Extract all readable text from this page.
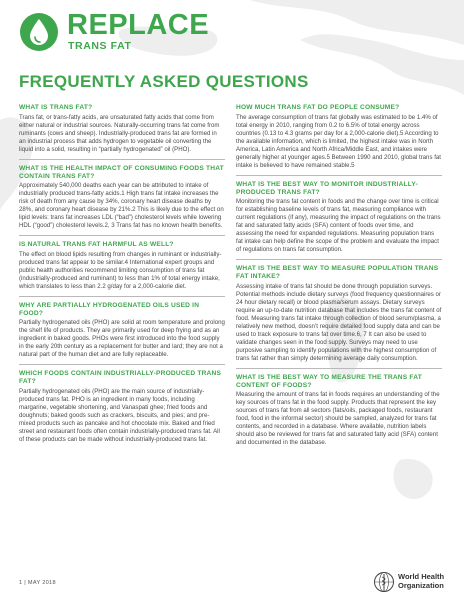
REPLACE
TRANS FAT
FREQUENTLY ASKED QUESTIONS

WHAT IS TRANS FAT?

Trans fat, or trans-fatty acids, are unsaturated fatty acids that come from either natural or industrial sources. Naturally-occurring trans fat come from ruminants (cows and sheep). Industrially-produced trans fat are formed in an industrial process that adds hydrogen to vegetable oil converting the liquid into a solid, resulting in “partially hydrogenated” oil (PHO).

WHAT IS THE HEALTH IMPACT OF CONSUMING FOODS THAT CONTAIN TRANS FAT?

Approximately 540,000 deaths each year can be attributed to intake of industrially produced trans-fatty acids.1 High trans fat intake increases the risk of death from any cause by 34%, coronary heart disease deaths by 28%, and coronary heart disease by 21%.2 This is likely due to the effect on lipid levels: trans fat increases LDL (“bad”) cholesterol levels while lowering HDL (“good”) cholesterol levels.2, 3 Trans fat has no known health benefits.

IS NATURAL TRANS FAT HARMFUL AS WELL?

The effect on blood lipids resulting from changes in ruminant or industrially-produced trans fat appear to be similar.4 International expert groups and public health authorities recommend limiting consumption of trans fat (industrially-produced and ruminant) to less than 1% of total energy intake, which translates to less than 2.2 g/day for a 2,000-calorie diet.

WHY ARE PARTIALLY HYDROGENATED OILS USED IN FOOD?

Partially hydrogenated oils (PHO) are solid at room temperature and prolong the shelf life of products. They are primarily used for deep frying and as an ingredient in baked goods. PHOs were first introduced into the food supply in the early 20th century as a replacement for butter and lard; they are not a natural part of the human diet and are fully replaceable.

WHICH FOODS CONTAIN INDUSTRIALLY-PRODUCED TRANS FAT?

Partially hydrogenated oils (PHO) are the main source of industrially-produced trans fat. PHO is an ingredient in many foods, including margarine, vegetable shortening, and Vanaspati ghee; fried foods and doughnuts; baked goods such as crackers, biscuits, and pies; and pre-mixed products such as pancake and hot chocolate mix. Baked and fried street and restaurant foods often contain industrially-produced trans fat. All of these products can be made without industrially-produced trans fat.

HOW MUCH TRANS FAT DO PEOPLE CONSUME?

The average consumption of trans fat globally was estimated to be 1.4% of total energy in 2010, ranging from 0.2 to 6.5% of total energy across countries (0.13 to 4.3 grams per day for a 2,000-calorie diet).5 According to the available information, which is limited, the highest intake was in North America, Latin America and North Africa/Middle East, and intakes were generally higher at younger ages.5 Between 1990 and 2010, global trans fat intake is believed to have remained stable.5

WHAT IS THE BEST WAY TO MONITOR INDUSTRIALLY-PRODUCED TRANS FAT?

Monitoring the trans fat content in foods and the change over time is critical for establishing baseline levels of trans fat, measuring compliance with current regulations (if any), measuring the impact of regulations on the trans fat and saturated fatty acids (SFA) content of foods over time, and assessing the need for expanded regulations. Measuring population trans fat intake can help define the scope of the problem and evaluate the impact of regulations on trans fat consumption.

WHAT IS THE BEST WAY TO MEASURE POPULATION TRANS FAT INTAKE?

Assessing intake of trans fat should be done through population surveys. Potential methods include dietary surveys (food frequency questionnaires or 24 hour dietary recall) or blood plasma/serum assays. Dietary surveys require an up-to-date nutrition database that includes the trans fat content of food. Measuring trans fat intake through collection of blood serum/plasma, a relatively new method, doesn’t require detailed food supply data and can be used to track exposure to trans fat over time.6, 7 It can also be used to validate changes seen in the food supply. Surveys may need to use purposive sampling to identify populations with the highest consumption of trans fat rather than simply determining average daily consumption.

WHAT IS THE BEST WAY TO MEASURE THE TRANS FAT CONTENT OF FOODS?

Measuring the amount of trans fat in foods requires an understanding of the key sources of trans fat in the food supply. Products that represent the key sources of trans fat from all sectors (fats/oils, packaged foods, restaurant food, food in the informal sector) should be sampled, analyzed for trans fat contents, and recorded in a database. Where available, nutrition labels should also be reviewed for trans fat and saturated fatty acid (SFA) content and documented in the database.

1 | MAY 2018
World Health
Organization
